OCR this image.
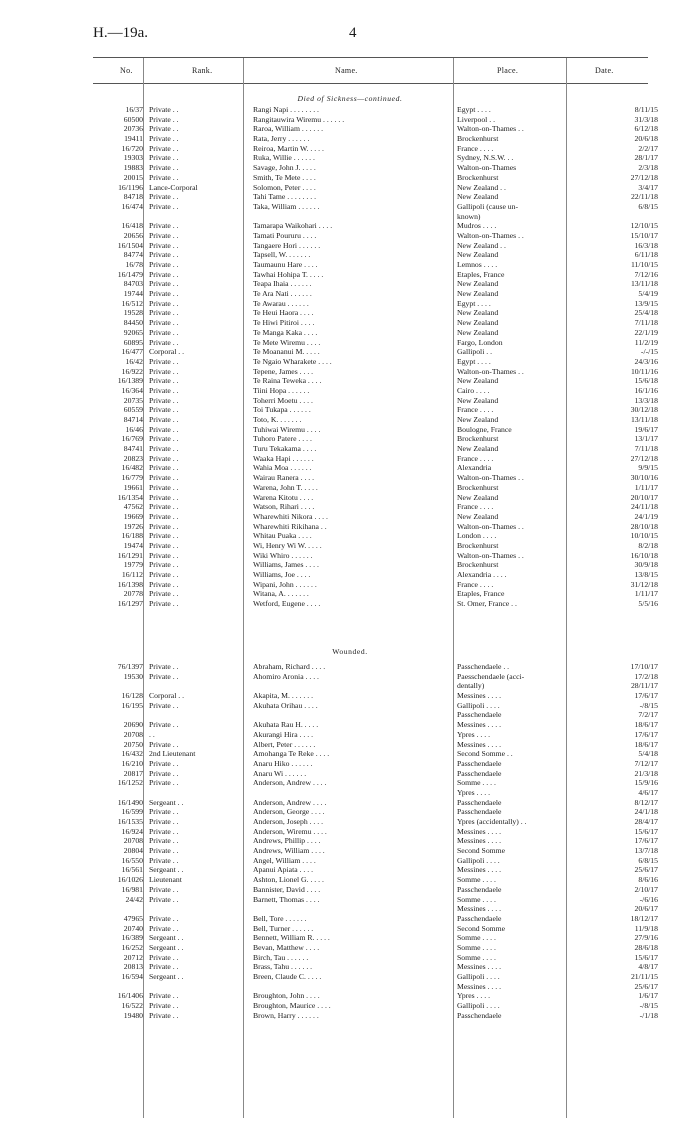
H.—19a.	4
No.	Rank.	Name.	Place.	Date.
Died of Sickness—continued.
16/37	Private . .	Rangi Napi . . . . . . . .	Egypt . . . .	8/11/15
60500	Private . .	Rangitauwira Wiremu . . . . . .	Liverpool . .	31/3/18
20736	Private . .	Raroa, William . . . . . .	Walton-on-Thames . .	6/12/18
19411	Private . .	Rata, Jerry . . . . . .	Brockenhurst	20/6/18
16/720	Private . .	Reiroa, Martin W. . . . .	France . . . .	2/2/17
19303	Private . .	Ruka, Willie . . . . . .	Sydney, N.S.W. . .	28/1/17
19883	Private . .	Savage, John J. . . . .	Walton-on-Thames	2/3/18
20015	Private . .	Smith, Te Mete . . . .	Brockenhurst	27/12/18
16/1196	Lance-Corporal	Solomon, Peter . . . .	New Zealand . .	3/4/17
84718	Private . .	Tahi Tame . . . . . . . .	New Zealand	22/11/18
16/474	Private . .	Taka, William . . . . . .	Gallipoli (cause un-	6/8/15
			known)	
16/418	Private . .	Tamarapa Waikohari . . . .	Mudros . . . .	12/10/15
20656	Private . .	Tamati Poururu . . . .	Walton-on-Thames . .	15/10/17
16/1504	Private . .	Tangaere Hori . . . . . .	New Zealand . .	16/3/18
84774	Private . .	Tapsell, W. . . . . . .	New Zealand	6/11/18
16/78	Private . .	Taumaunu Hare . . . .	Lemnos . . . .	11/10/15
16/1479	Private . .	Tawhai Hohipa T. . . . .	Etaples, France	7/12/16
84703	Private . .	Teapa Ihaia . . . . . .	New Zealand	13/11/18
19744	Private . .	Te Ara Nati . . . . . .	New Zealand	5/4/19
16/512	Private . .	Te Awarau . . . . . .	Egypt . . . .	13/9/15
19528	Private . .	Te Heui Haora . . . .	New Zealand	25/4/18
84450	Private . .	Te Hiwi Pitiroi . . . .	New Zealand	7/11/18
92065	Private . .	Te Manga Kaka . . . .	New Zealand	22/1/19
60895	Private . .	Te Mete Wiremu . . . .	Fargo, London	11/2/19
16/477	Corporal . .	Te Moananui M. . . . .	Gallipoli . .	-/-/15
16/42	Private . .	Te Ngaio Wharakete . . . .	Egypt . . . .	24/3/16
16/922	Private . .	Tepene, James . . . .	Walton-on-Thames . .	10/11/16
16/1389	Private . .	Te Raina Teweka . . . .	New Zealand	15/6/18
16/364	Private . .	Tiini Hopa . . . . . .	Cairo . . . .	16/1/16
20735	Private . .	Toherri Moetu . . . .	New Zealand	13/3/18
60559	Private . .	Toi Tukapa . . . . . .	France . . . .	30/12/18
84714	Private . .	Toto, K. . . . . . .	New Zealand	13/11/18
16/46	Private . .	Tuhiwai Wiremu . . . .	Boulogne, France	19/6/17
16/769	Private . .	Tuhoro Patere . . . .	Brockenhurst	13/1/17
84741	Private . .	Turu Tekakama . . . .	New Zealand	7/11/18
20823	Private . .	Waaka Hapi . . . . . .	France . . . .	27/12/18
16/482	Private . .	Wahia Moa . . . . . .	Alexandria	9/9/15
16/779	Private . .	Wairau Ranera . . . .	Walton-on-Thames . .	30/10/16
19661	Private . .	Warena, John T. . . . .	Brockenhurst	1/11/17
16/1354	Private . .	Warena Kitotu . . . .	New Zealand	20/10/17
47562	Private . .	Watson, Rihari . . . .	France . . . .	24/11/18
19669	Private . .	Wharewhiti Nikora . . . .	New Zealand	24/1/19
19726	Private . .	Wharewhiti Rikihana . .	Walton-on-Thames . .	28/10/18
16/188	Private . .	Whitau Puaka . . . .	London . . . .	10/10/15
19474	Private . .	Wi, Henry Wi W. . . . .	Brockenhurst	8/2/18
16/1291	Private . .	Wiki Whiro . . . . . .	Walton-on-Thames . .	16/10/18
19779	Private . .	Williams, James . . . .	Brockenhurst	30/9/18
16/112	Private . .	Williams, Joe . . . .	Alexandria . . . .	13/8/15
16/1398	Private . .	Wipani, John . . . . . .	France . . . .	31/12/18
20778	Private . .	Witana, A. . . . . . .	Etaples, France	1/11/17
16/1297	Private . .	Wetford, Eugene . . . .	St. Omer, France . .	5/5/16
Wounded.
76/1397	Private . .	Abraham, Richard . . . .	Passchendaele . .	17/10/17
19530	Private . .	Ahomiro Aronia . . . .	Paesschendaele (acci-	17/2/18
			dentally)	28/11/17
16/128	Corporal . .	Akapita, M. . . . . . .	Messines . . . .	17/6/17
16/195	Private . .	Akuhata Orihau . . . .	Gallipoli . . . .	-/8/15
			Passchendaele	7/2/17
20690	Private . .	Akuhata Rau H. . . . .	Messines . . . .	18/6/17
20708	. .	Akurangi Hira . . . .	Ypres . . . .	17/6/17
20750	Private . .	Albert, Peter . . . . . .	Messines . . . .	18/6/17
16/432	2nd Lieutenant	Amohanga Te Reke . . . .	Second Somme . .	5/4/18
16/210	Private . .	Anaru Hiko . . . . . .	Passchendaele	7/12/17
20817	Private . .	Anaru Wi . . . . . .	Passchendaele	21/3/18
16/1252	Private . .	Anderson, Andrew . . . .	Somme . . . .	15/9/16
			Ypres . . . .	4/6/17
16/1490	Sergeant . .	Anderson, Andrew . . . .	Passchendaele	8/12/17
16/599	Private . .	Anderson, George . . . .	Passchendaele	24/1/18
16/1535	Private . .	Anderson, Joseph . . . .	Ypres (accidentally) . .	28/4/17
16/924	Private . .	Anderson, Wiremu . . . .	Messines . . . .	15/6/17
20708	Private . .	Andrews, Phillip . . . .	Messines . . . .	17/6/17
20804	Private . .	Andrews, William . . . .	Second Somme	13/7/18
16/550	Private . .	Angel, William . . . .	Gallipoli . . . .	6/8/15
16/561	Sergeant . .	Apanui Apiata . . . .	Messines . . . .	25/6/17
16/1026	Lieutenant	Ashton, Lionel G. . . . .	Somme . . . .	8/6/16
16/981	Private . .	Bannister, David . . . .	Passchendaele	2/10/17
24/42	Private . .	Barnett, Thomas . . . .	Somme . . . .	-/6/16
			Messines . . . .	20/6/17
47965	Private . .	Bell, Tore . . . . . .	Passchendaele	18/12/17
20740	Private . .	Bell, Turner . . . . . .	Second Somme	11/9/18
16/389	Sergeant . .	Bennett, William R. . . . .	Somme . . . .	27/9/16
16/252	Sergeant . .	Bevan, Matthew . . . .	Somme . . . .	28/6/18
20712	Private . .	Birch, Tau . . . . . .	Somme . . . .	15/6/17
20813	Private . .	Brass, Tahu . . . . . .	Messines . . . .	4/8/17
16/594	Sergeant . .	Breen, Claude C. . . . .	Gallipoli . . . .	21/11/15
			Messines . . . .	25/6/17
16/1406	Private . .	Broughton, John . . . .	Ypres . . . .	1/6/17
16/522	Private . .	Broughton, Maurice . . . .	Gallipoli . . . .	-/8/15
19480	Private . .	Brown, Harry . . . . . .	Passchendaele	-/1/18
